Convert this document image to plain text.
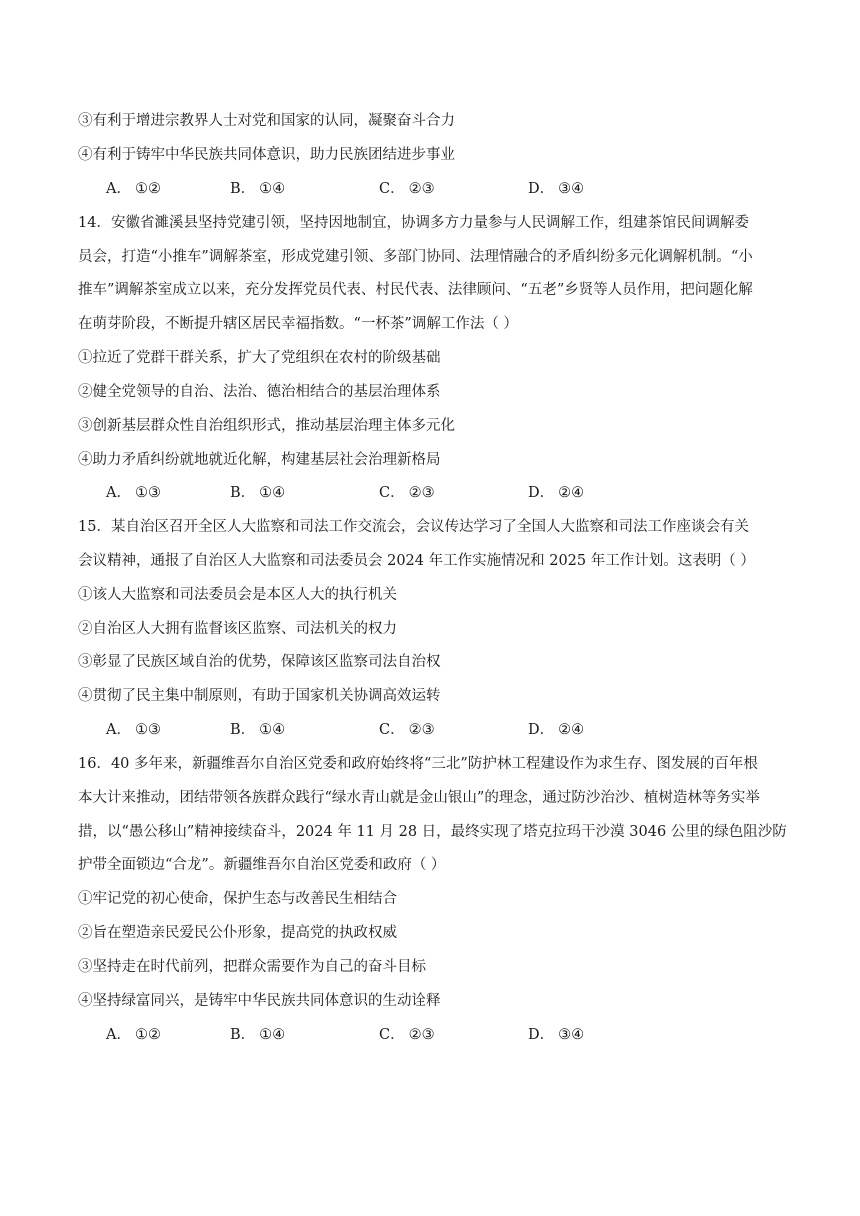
③有利于增进宗教界人士对党和国家的认同，凝聚奋斗合力
④有利于铸牢中华民族共同体意识，助力民族团结进步事业
A． ①②	B． ①④	C． ②③	D． ③④
14．安徽省濉溪县坚持党建引领，坚持因地制宜，协调多方力量参与人民调解工作，组建茶馆民间调解委
员会，打造“小推车”调解茶室，形成党建引领、多部门协同、法理情融合的矛盾纠纷多元化调解机制。“小
推车”调解茶室成立以来，充分发挥党员代表、村民代表、法律顾问、“五老”乡贤等人员作用，把问题化解
在萌芽阶段，不断提升辖区居民幸福指数。“一杯茶”调解工作法（ ）
①拉近了党群干群关系，扩大了党组织在农村的阶级基础
②健全党领导的自治、法治、德治相结合的基层治理体系
③创新基层群众性自治组织形式，推动基层治理主体多元化
④助力矛盾纠纷就地就近化解，构建基层社会治理新格局
A． ①③	B． ①④	C． ②③	D． ②④
15．某自治区召开全区人大监察和司法工作交流会，会议传达学习了全国人大监察和司法工作座谈会有关
会议精神，通报了自治区人大监察和司法委员会 2024 年工作实施情况和 2025 年工作计划。这表明（ ）
①该人大监察和司法委员会是本区人大的执行机关
②自治区人大拥有监督该区监察、司法机关的权力
③彰显了民族区域自治的优势，保障该区监察司法自治权
④贯彻了民主集中制原则，有助于国家机关协调高效运转
A． ①③	B． ①④	C． ②③	D． ②④
16．40 多年来，新疆维吾尔自治区党委和政府始终将“三北”防护林工程建设作为求生存、图发展的百年根
本大计来推动，团结带领各族群众践行“绿水青山就是金山银山”的理念，通过防沙治沙、植树造林等务实举
措，以“愚公移山”精神接续奋斗，2024 年 11 月 28 日，最终实现了塔克拉玛干沙漠 3046 公里的绿色阻沙防
护带全面锁边“合龙”。新疆维吾尔自治区党委和政府（ ）
①牢记党的初心使命，保护生态与改善民生相结合
②旨在塑造亲民爱民公仆形象，提高党的执政权威
③坚持走在时代前列，把群众需要作为自己的奋斗目标
④坚持绿富同兴，是铸牢中华民族共同体意识的生动诠释
A． ①②	B． ①④	C． ②③	D． ③④
